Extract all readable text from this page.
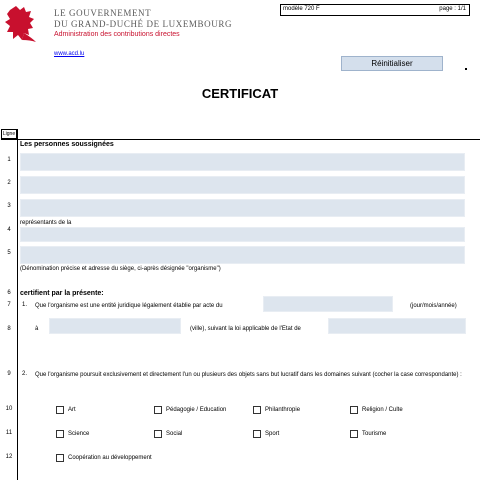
LE GOUVERNEMENT
DU GRAND-DUCHÉ DE LUXEMBOURG
Administration des contributions directes
www.acd.lu
modèle 720 F	page : 1/1
Réinitialiser
CERTIFICAT
Ligne
Les personnes soussignées
1
2
3
représentants de la
4
5
(Dénomination précise et adresse du siège, ci-après désignée "organisme")
6	certifient par la présente:
7	1. Que l'organisme est une entité juridique légalement établie par acte du	(jour/mois/année)
8	à	(ville), suivant la loi applicable de l'Etat de
9	2. Que l'organisme poursuit exclusivement et directement l'un ou plusieurs des objets sans but lucratif dans les domaines suivant (cocher la case correspondante) :
10	Art	Pédagogie / Education	Philanthropie	Religion / Culte
11	Science	Social	Sport	Tourisme
12	Coopération au développement
